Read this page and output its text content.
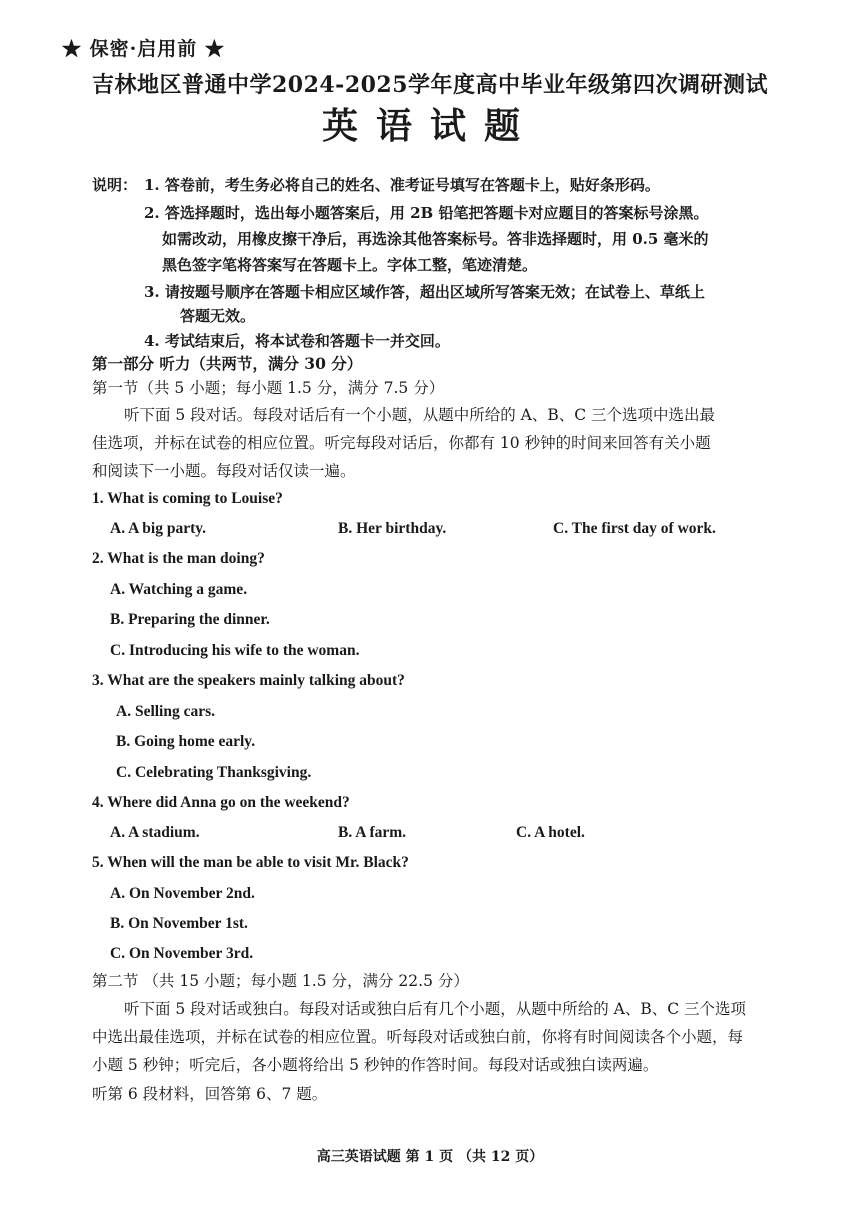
★ 保密·启用前 ★
吉林地区普通中学2024-2025学年度高中毕业年级第四次调研测试
英语试题
说明： 1. 答卷前，考生务必将自己的姓名、准考证号填写在答题卡上，贴好条形码。
2. 答选择题时，选出每小题答案后，用 2B 铅笔把答题卡对应题目的答案标号涂黑。
如需改动，用橡皮擦干净后，再选涂其他答案标号。答非选择题时，用 0.5 毫米的
黑色签字笔将答案写在答题卡上。字体工整，笔迹清楚。
3. 请按题号顺序在答题卡相应区域作答，超出区域所写答案无效；在试卷上、草纸上
答题无效。
4. 考试结束后，将本试卷和答题卡一并交回。
第一部分 听力（共两节，满分 30 分）
第一节（共 5 小题；每小题 1.5 分，满分 7.5 分）
听下面 5 段对话。每段对话后有一个小题，从题中所给的 A、B、C 三个选项中选出最
佳选项，并标在试卷的相应位置。听完每段对话后，你都有 10 秒钟的时间来回答有关小题
和阅读下一小题。每段对话仅读一遍。
1. What is coming to Louise?
A. A big party.	B. Her birthday.	C. The first day of work.
2. What is the man doing?
A. Watching a game.
B. Preparing the dinner.
C. Introducing his wife to the woman.
3. What are the speakers mainly talking about?
A. Selling cars.
B. Going home early.
C. Celebrating Thanksgiving.
4. Where did Anna go on the weekend?
A. A stadium.	B. A farm.	C. A hotel.
5. When will the man be able to visit Mr. Black?
A. On November 2nd.
B. On November 1st.
C. On November 3rd.
第二节 （共 15 小题；每小题 1.5 分，满分 22.5 分）
听下面 5 段对话或独白。每段对话或独白后有几个小题，从题中所给的 A、B、C 三个选项
中选出最佳选项，并标在试卷的相应位置。听每段对话或独白前，你将有时间阅读各个小题，每
小题 5 秒钟；听完后，各小题将给出 5 秒钟的作答时间。每段对话或独白读两遍。
听第 6 段材料，回答第 6、7 题。
高三英语试题 第 1 页 （共 12 页）
